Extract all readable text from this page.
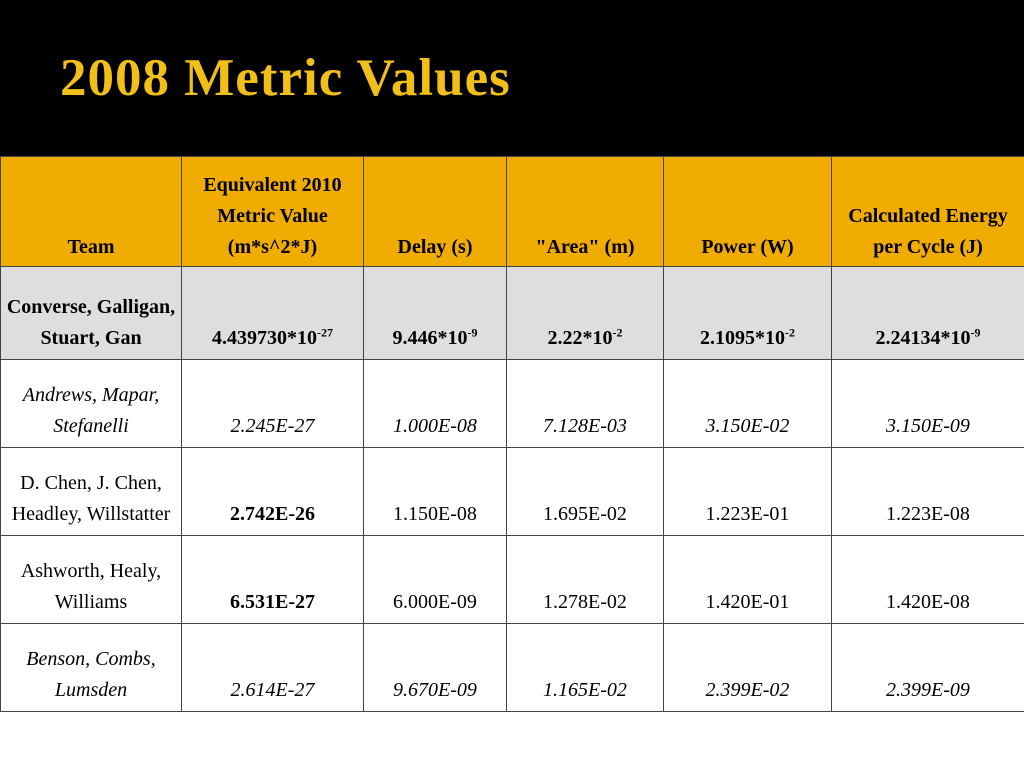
2008 Metric Values
Team	Equivalent 2010 Metric Value (m*s^2*J)	Delay (s)	"Area" (m)	Power (W)	Calculated Energy per Cycle (J)
Converse, Galligan, Stuart, Gan	$4.439730*10^{-27}$	$9.446*10^{-9}$	$2.22*10^{-2}$	$2.1095*10^{-2}$	$2.24134*10^{-9}$
Andrews, Mapar, Stefanelli	2.245E-27	1.000E-08	7.128E-03	3.150E-02	3.150E-09
D. Chen, J. Chen, Headley, Willstatter	2.742E-26	1.150E-08	1.695E-02	1.223E-01	1.223E-08
Ashworth, Healy, Williams	6.531E-27	6.000E-09	1.278E-02	1.420E-01	1.420E-08
Benson, Combs, Lumsden	2.614E-27	9.670E-09	1.165E-02	2.399E-02	2.399E-09
